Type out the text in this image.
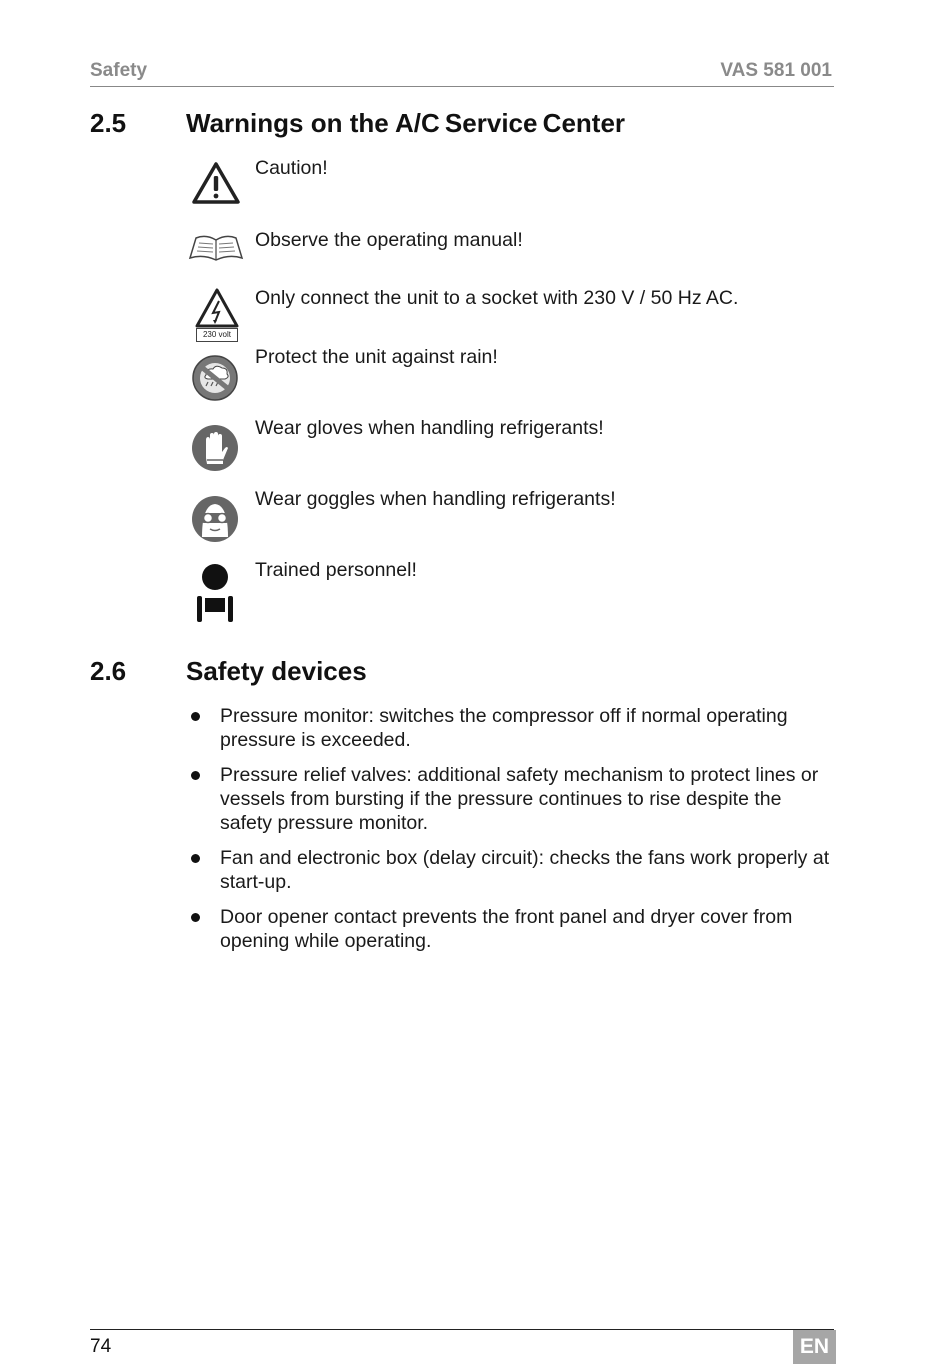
Safety	VAS 581 001
2.5 Warnings on the A/C Service Center
Caution!
Observe the operating manual!
230 volt
Only connect the unit to a socket with 230 V / 50 Hz AC.
Protect the unit against rain!
Wear gloves when handling refrigerants!
Wear goggles when handling refrigerants!
Trained personnel!
2.6 Safety devices
Pressure monitor: switches the compressor off if normal operating pressure is exceeded.
Pressure relief valves: additional safety mechanism to protect lines or vessels from bursting if the pressure continues to rise despite the safety pressure monitor.
Fan and electronic box (delay circuit): checks the fans work properly at start-up.
Door opener contact prevents the front panel and dryer cover from opening while operating.
74	EN
